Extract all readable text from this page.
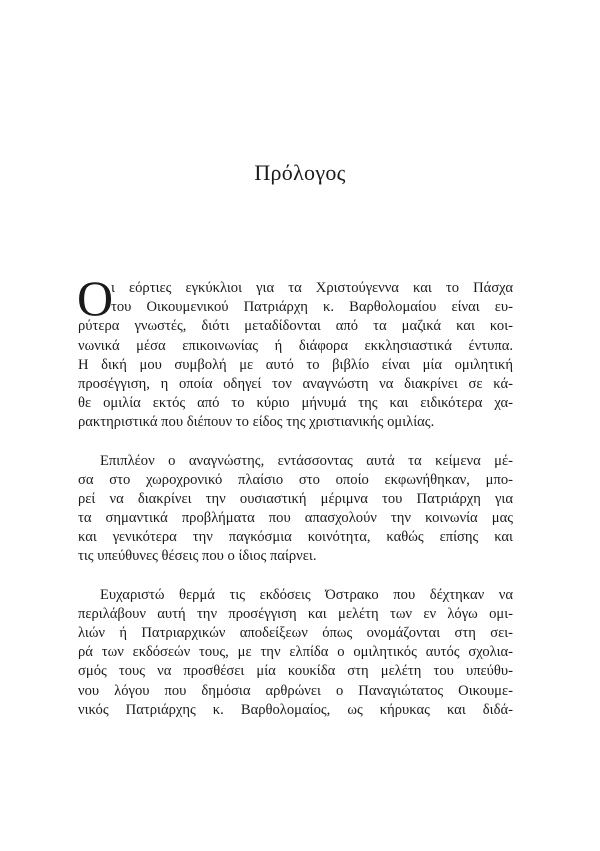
Πρόλογος
O
ι εόρτιες εγκύκλιοι για τα Χριστούγεννα και το Πάσχα
του Οικουμενικού Πατριάρχη κ. Βαρθολομαίου είναι ευ-
ρύτερα γνωστές, διότι μεταδίδονται από τα μαζικά και κοι-
νωνικά μέσα επικοινωνίας ή διάφορα εκκλησιαστικά έντυπα.
Η δική μου συμβολή με αυτό το βιβλίο είναι μία ομιλητική
προσέγγιση, η οποία οδηγεί τον αναγνώστη να διακρίνει σε κά-
θε ομιλία εκτός από το κύριο μήνυμά της και ειδικότερα χα-
ρακτηριστικά που διέπουν το είδος της χριστιανικής ομιλίας.
Επιπλέον ο αναγνώστης, εντάσσοντας αυτά τα κείμενα μέ-
σα στο χωροχρονικό πλαίσιο στο οποίο εκφωνήθηκαν, μπο-
ρεί να διακρίνει την ουσιαστική μέριμνα του Πατριάρχη για
τα σημαντικά προβλήματα που απασχολούν την κοινωνία μας
και γενικότερα την παγκόσμια κοινότητα, καθώς επίσης και
τις υπεύθυνες θέσεις που ο ίδιος παίρνει.
Ευχαριστώ θερμά τις εκδόσεις Όστρακο που δέχτηκαν να
περιλάβουν αυτή την προσέγγιση και μελέτη των εν λόγω ομι-
λιών ή Πατριαρχικών αποδείξεων όπως ονομάζονται στη σει-
ρά των εκδόσεών τους, με την ελπίδα ο ομιλητικός αυτός σχολια-
σμός τους να προσθέσει μία κουκίδα στη μελέτη του υπεύθυ-
νου λόγου που δημόσια αρθρώνει ο Παναγιώτατος Οικουμε-
νικός Πατριάρχης κ. Βαρθολομαίος, ως κήρυκας και διδά-
